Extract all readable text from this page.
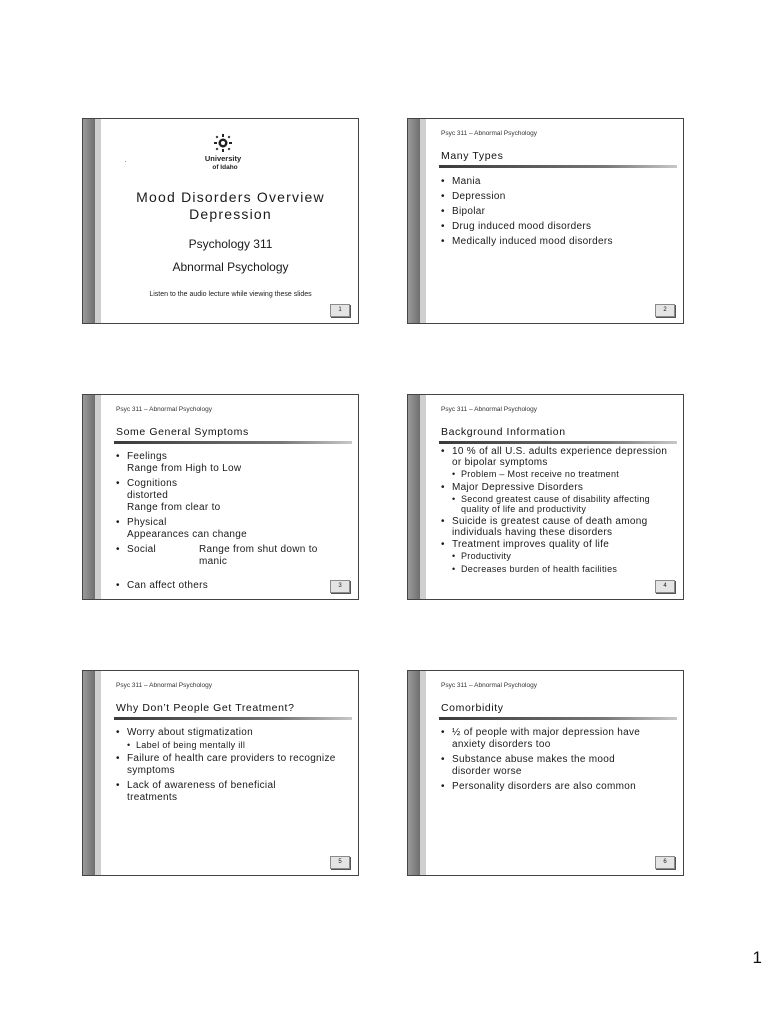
University
of Idaho
Mood Disorders Overview
Depression
Psychology 311
Abnormal Psychology
Listen to the audio lecture while viewing these slides
1
Psyc 311 – Abnormal Psychology
Many Types
• Mania
• Depression
• Bipolar
• Drug induced mood disorders
• Medically induced mood disorders
2
Psyc 311 – Abnormal Psychology
Some General Symptoms
• FeelingsRange from High to Low
• Cognitions distortedRange from clear to
• PhysicalAppearances can change
• Social	Range from shut down to manic
• Can affect others	3
Psyc 311 – Abnormal Psychology
Background Information
• 10 % of all U.S. adults experience depression or bipolar symptoms
• Problem – Most receive no treatment
• Major Depressive Disorders
• Second greatest cause of disability affecting quality of life and productivity
• Suicide is greatest cause of death among individuals having these disorders
• Treatment improves quality of life
• Productivity
• Decreases burden of health facilities
4
Psyc 311 – Abnormal Psychology
Why Don’t People Get Treatment?
• Worry about stigmatization
• Label of being mentally ill
• Failure of health care providers to recognize symptoms
• Lack of awareness of beneficial treatments
5
Psyc 311 – Abnormal Psychology
Comorbidity
• ½ of people with major depression have anxiety disorders too
• Substance abuse makes the mood disorder worse
• Personality disorders are also common
6
1
